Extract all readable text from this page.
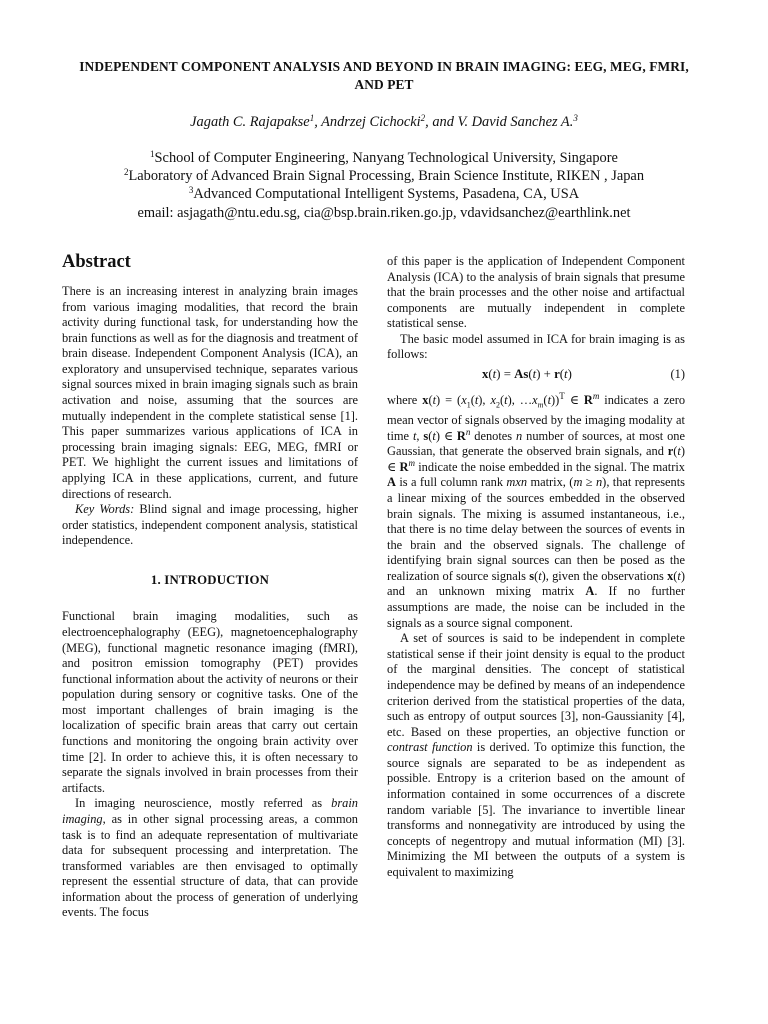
INDEPENDENT COMPONENT ANALYSIS AND BEYOND IN BRAIN IMAGING: EEG, MEG, FMRI, AND PET
Jagath C. Rajapakse$^1$, Andrzej Cichocki$^2$, and V. David Sanchez A.$^3$
$^1$School of Computer Engineering, Nanyang Technological University, Singapore
$^2$Laboratory of Advanced Brain Signal Processing, Brain Science Institute, RIKEN , Japan
$^3$Advanced Computational Intelligent Systems, Pasadena, CA, USA
email: asjagath@ntu.edu.sg, cia@bsp.brain.riken.go.jp, vdavidsanchez@earthlink.net
Abstract

There is an increasing interest in analyzing brain images from various imaging modalities, that record the brain activity during functional task, for understanding how the brain functions as well as for the diagnosis and treatment of brain disease. Independent Component Analysis (ICA), an exploratory and unsupervised technique, separates various signal sources mixed in brain imaging signals such as brain activation and noise, assuming that the sources are mutually independent in the complete statistical sense [1]. This paper summarizes various applications of ICA in processing brain imaging signals: EEG, MEG, fMRI or PET. We highlight the current issues and limitations of applying ICA in these applications, current, and future directions of research.

Key Words: Blind signal and image processing, higher order statistics, independent component analysis, statistical independence.

1. INTRODUCTION

Functional brain imaging modalities, such as electroencephalography (EEG), magnetoencephalography (MEG), functional magnetic resonance imaging (fMRI), and positron emission tomography (PET) provides functional information about the activity of neurons or their population during sensory or cognitive tasks. One of the most important challenges of brain imaging is the localization of specific brain areas that carry out certain functions and monitoring the ongoing brain activity over time [2]. In order to achieve this, it is often necessary to separate the signals involved in brain processes from their artifacts.

In imaging neuroscience, mostly referred as brain imaging, as in other signal processing areas, a common task is to find an adequate representation of multivariate data for subsequent processing and interpretation. The transformed variables are then envisaged to optimally represent the essential structure of data, that can provide information about the process of generation of underlying events. The focus

of this paper is the application of Independent Component Analysis (ICA) to the analysis of brain signals that presume that the brain processes and the other noise and artifactual components are mutually independent in complete statistical sense.

The basic model assumed in ICA for brain imaging is as follows:

x(t) = As(t) + r(t)	(1)

where $x(t) = (x_1(t)$, $x_2(t)$, $\dots x_m(t))^T$ ∈ $R^m$ indicates a zero mean vector of signals observed by the imaging modality at time t, s(t) ∈ $R^n$ denotes n number of sources, at most one Gaussian, that generate the observed brain signals, and r(t) ∈ $R^m$ indicate the noise embedded in the signal. The matrix A is a full column rank mxn matrix, (m ≥ n), that represents a linear mixing of the sources embedded in the observed brain signals. The mixing is assumed instantaneous, i.e., that there is no time delay between the sources of events in the brain and the observed signals. The challenge of identifying brain signal sources can then be posed as the realization of source signals s(t), given the observations x(t) and an unknown mixing matrix A. If no further assumptions are made, the noise can be included in the signals as a source signal component.

A set of sources is said to be independent in complete statistical sense if their joint density is equal to the product of the marginal densities. The concept of statistical independence may be defined by means of an independence criterion derived from the statistical properties of the data, such as entropy of output sources [3], non-Gaussianity [4], etc. Based on these properties, an objective function or contrast function is derived. To optimize this function, the source signals are separated to be as independent as possible. Entropy is a criterion based on the amount of information contained in some occurrences of a discrete random variable [5]. The invariance to invertible linear transforms and nonnegativity are introduced by using the concepts of negentropy and mutual information (MI) [3]. Minimizing the MI between the outputs of a system is equivalent to maximizing
